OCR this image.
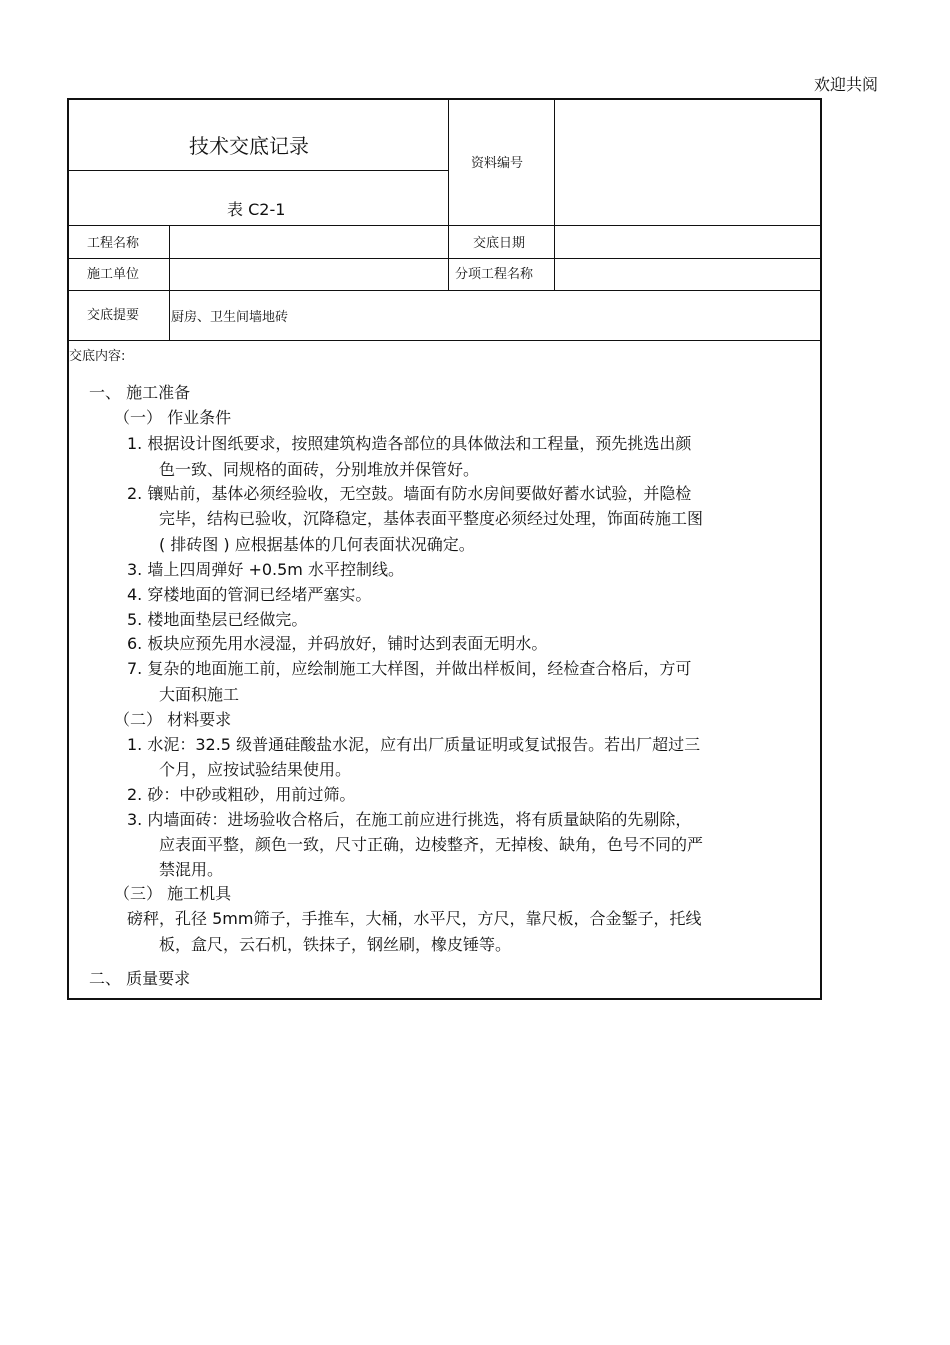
欢迎共阅
技术交底记录
表 C2-1
资料编号
工程名称	交底日期
施工单位	分项工程名称
交底提要 厨房、卫生间墙地砖
交底内容:
一、 施工准备
（一） 作业条件
1. 根据设计图纸要求，按照建筑构造各部位的具体做法和工程量，预先挑选出颜
色一致、同规格的面砖，分别堆放并保管好。
2. 镶贴前，基体必须经验收，无空鼓。墙面有防水房间要做好蓄水试验，并隐检
完毕，结构已验收，沉降稳定，基体表面平整度必须经过处理，饰面砖施工图
( 排砖图 ) 应根据基体的几何表面状况确定。
3. 墙上四周弹好 +0.5m 水平控制线。
4. 穿楼地面的管洞已经堵严塞实。
5. 楼地面垫层已经做完。
6. 板块应预先用水浸湿，并码放好，铺时达到表面无明水。
7. 复杂的地面施工前，应绘制施工大样图，并做出样板间，经检查合格后，方可
大面积施工
（二） 材料要求
1. 水泥：32.5 级普通硅酸盐水泥，应有出厂质量证明或复试报告。若出厂超过三
个月，应按试验结果使用。
2. 砂：中砂或粗砂，用前过筛。
3. 内墙面砖：进场验收合格后，在施工前应进行挑选，将有质量缺陷的先剔除，
应表面平整，颜色一致，尺寸正确，边棱整齐，无掉梭、缺角，色号不同的严
禁混用。
（三） 施工机具
磅秤，孔径 5mm筛子，手推车，大桶，水平尺，方尺，靠尺板，合金錾子，托线
板，盒尺，云石机，铁抹子，钢丝刷，橡皮锤等。
二、 质量要求
